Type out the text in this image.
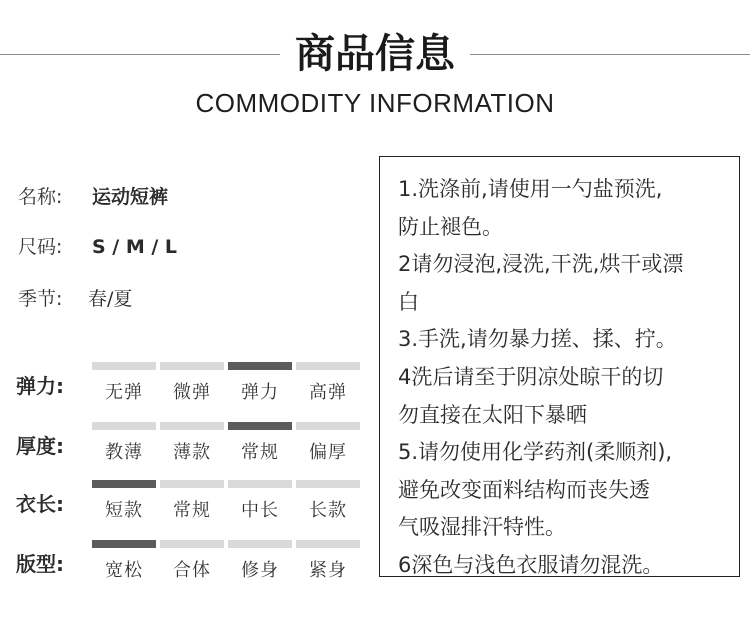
商品信息
COMMODITY INFORMATION
名称: 运动短裤
尺码: S / M / L
季节: 春/夏
弹力:	无弹	微弹	弹力	高弹
厚度:	教薄	薄款	常规	偏厚
衣长:	短款	常规	中长	长款
版型:	宽松	合体	修身	紧身
1.洗涤前,请使用一勺盐预洗,
防止褪色。
2请勿浸泡,浸洗,干洗,烘干或漂
白
3.手洗,请勿暴力搓、揉、拧。
4洗后请至于阴凉处晾干的切
勿直接在太阳下暴晒
5.请勿使用化学药剂(柔顺剂),
避免改变面料结构而丧失透
气吸湿排汗特性。
6深色与浅色衣服请勿混洗。
